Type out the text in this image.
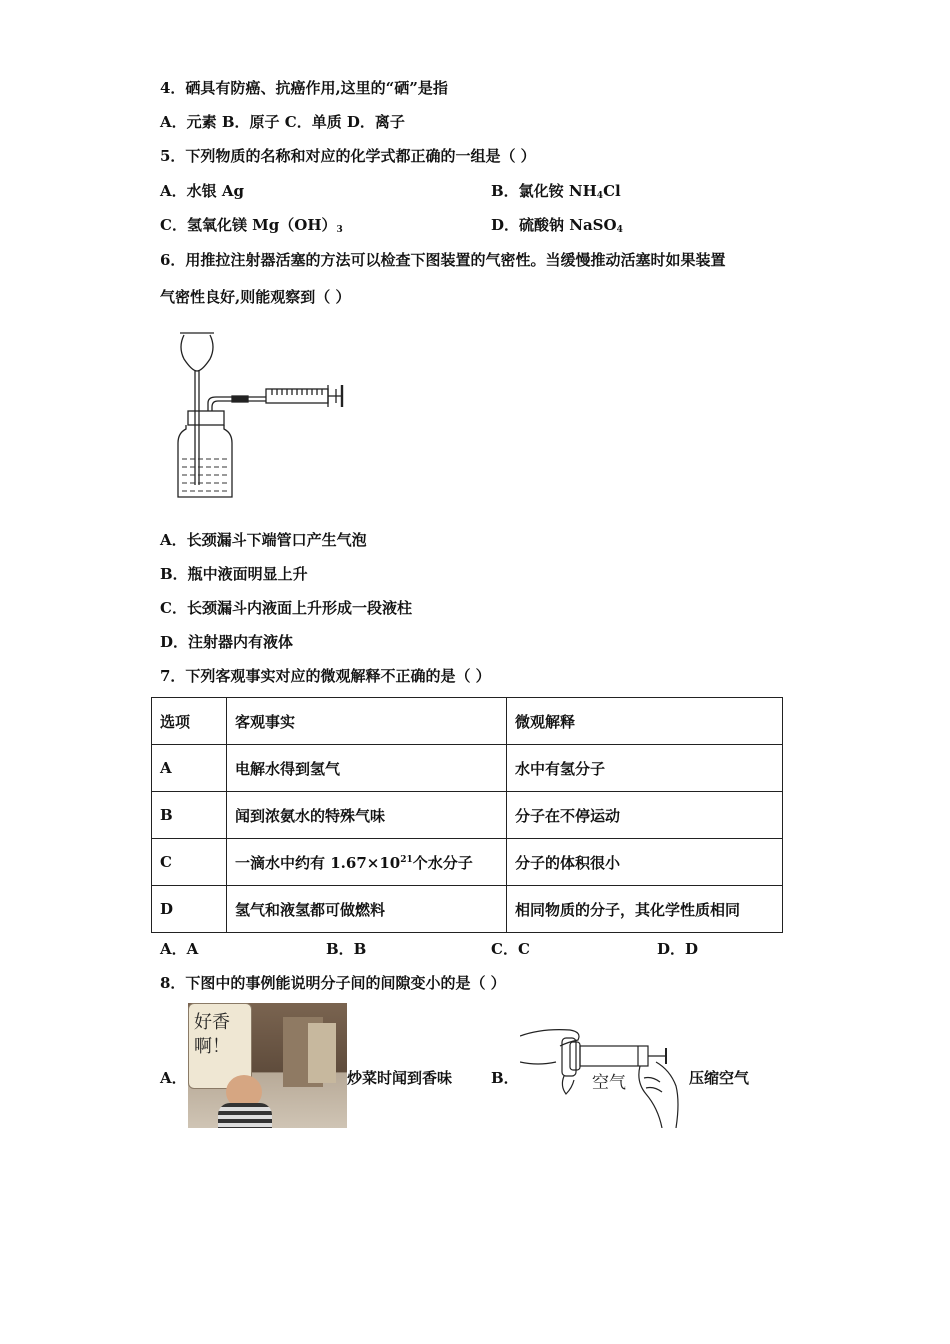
4．硒具有防癌、抗癌作用,这里的“硒”是指
A．元素 B．原子 C．单质 D．离子
5．下列物质的名称和对应的化学式都正确的一组是（ ）
A．水银 Ag	B．氯化铵 $NH_4Cl$
C．氢氧化镁 $Mg(OH)_3$	D．硫酸钠 NaSO$_4$
6．用推拉注射器活塞的方法可以检查下图装置的气密性。当缓慢推动活塞时如果装置
气密性良好,则能观察到（ ）
A．长颈漏斗下端管口产生气泡
B．瓶中液面明显上升
C．长颈漏斗内液面上升形成一段液柱
D．注射器内有液体
7．下列客观事实对应的微观解释不正确的是（ ）
选项	客观事实	微观解释
A	电解水得到氢气	水中有氢分子
B	闻到浓氨水的特殊气味	分子在不停运动
C	一滴水中约有 $1.67\times 10^{21}$个水分子	分子的体积很小
D	氢气和液氢都可做燃料	相同物质的分子，其化学性质相同
A．A	B．B	C．C	D．D
8．下图中的事例能说明分子间的间隙变小的是（ ）
A．
好香啊！
炒菜时闻到香味	B．	空气	压缩空气
